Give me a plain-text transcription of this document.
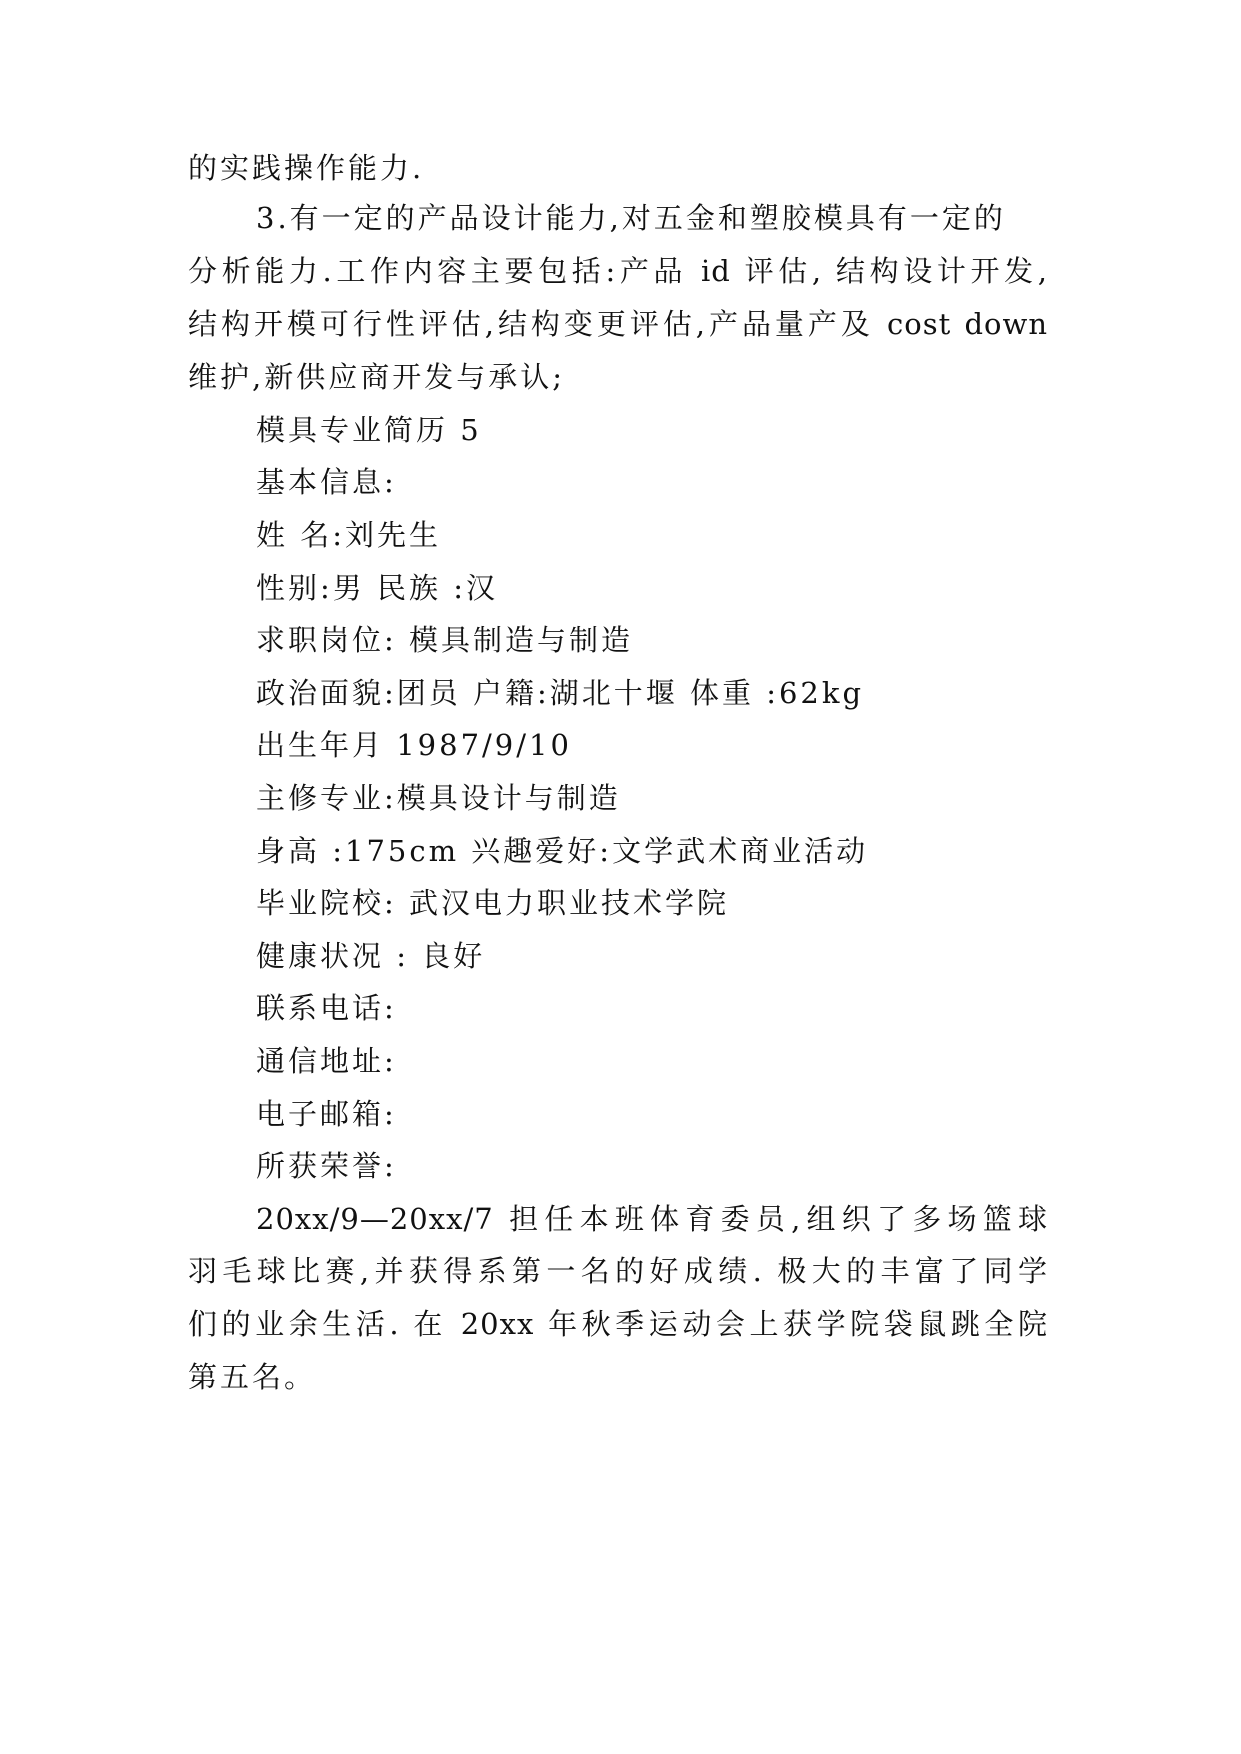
的实践操作能力.
3.有一定的产品设计能力,对五金和塑胶模具有一定的
分析能力.工作内容主要包括:产品 id 评估, 结构设计开发,
结构开模可行性评估,结构变更评估,产品量产及 cost down
维护,新供应商开发与承认;
模具专业简历 5
基本信息:
姓 名:刘先生
性别:男 民族 :汉
求职岗位: 模具制造与制造
政治面貌:团员 户籍:湖北十堰 体重 :62kg
出生年月 1987/9/10
主修专业:模具设计与制造
身高 :175cm 兴趣爱好:文学武术商业活动
毕业院校: 武汉电力职业技术学院
健康状况 : 良好
联系电话:
通信地址:
电子邮箱:
所获荣誉:
20xx/9—20xx/7 担任本班体育委员,组织了多场篮球
羽毛球比赛,并获得系第一名的好成绩. 极大的丰富了同学
们的业余生活. 在 20xx 年秋季运动会上获学院袋鼠跳全院
第五名。
